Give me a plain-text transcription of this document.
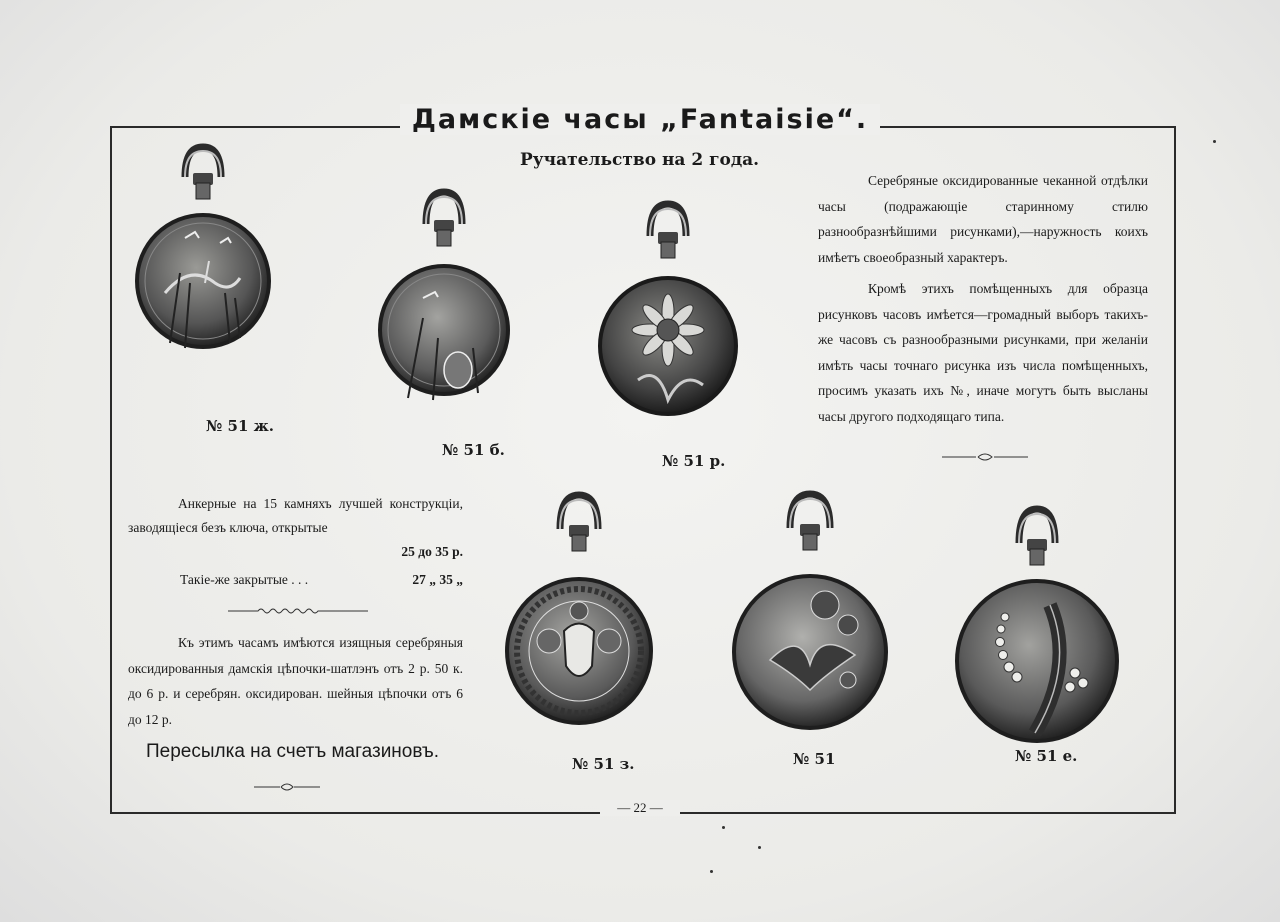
Дамскiе часы „Fantaisie“.
Ручательство на 2 года.
№ 51 ж.
№ 51 б.
№ 51 р.
№ 51 з.	№ 51	№ 51 е.

Серебряные оксидированные чеканной отдѣлки часы (подражающiе старинному стилю разнообразнѣйшими рисунками),—наружность коихъ имѣетъ своеобразный характеръ.

Кромѣ этихъ помѣщенныхъ для образца рисунковъ часовъ имѣется—громадный выборъ такихъ-же часовъ съ разнообразными рисунками, при желанiи имѣть часы точнаго рисунка изъ числа помѣщенныхъ, просимъ указать ихъ №, иначе могутъ быть высланы часы другого подходящаго типа.

Анкерные на 15 камняхъ лучшей конструкцiи, заводящiеся безъ ключа, открытые
25 до 35 р.
Такiе-же закрытые . . .	27 „ 35 „
Къ этимъ часамъ имѣются изящныя серебряныя оксидированныя дамскiя цѣпочки-шатлэнъ отъ 2 р. 50 к. до 6 р. и серебрян. оксидирован. шейныя цѣпочки отъ 6 до 12 р.
Пересылка на счетъ магазиновъ.
— 22 —
